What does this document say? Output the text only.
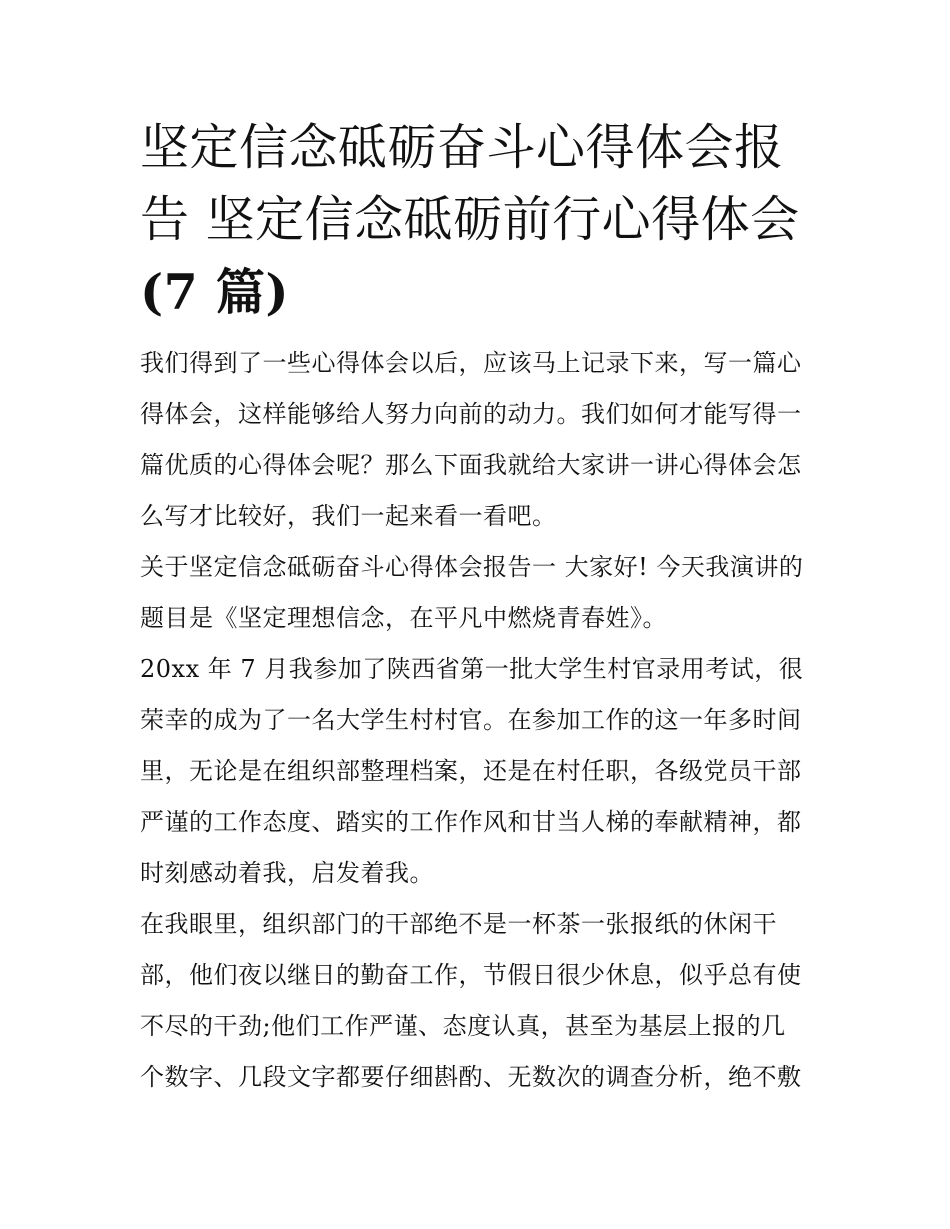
坚定信念砥砺奋斗心得体会报
告 坚定信念砥砺前行心得体会
(7 篇)

我们得到了一些心得体会以后，应该马上记录下来，写一篇心
得体会，这样能够给人努力向前的动力。我们如何才能写得一
篇优质的心得体会呢？那么下面我就给大家讲一讲心得体会怎
么写才比较好，我们一起来看一看吧。

关于坚定信念砥砺奋斗心得体会报告一 大家好! 今天我演讲的
题目是《坚定理想信念，在平凡中燃烧青春姓》。

20xx 年 7 月我参加了陕西省第一批大学生村官录用考试，很
荣幸的成为了一名大学生村村官。在参加工作的这一年多时间
里，无论是在组织部整理档案，还是在村任职，各级党员干部
严谨的工作态度、踏实的工作作风和甘当人梯的奉献精神，都
时刻感动着我，启发着我。

在我眼里，组织部门的干部绝不是一杯茶一张报纸的休闲干
部，他们夜以继日的勤奋工作，节假日很少休息，似乎总有使
不尽的干劲;他们工作严谨、态度认真，甚至为基层上报的几
个数字、几段文字都要仔细斟酌、无数次的调查分析，绝不敷
